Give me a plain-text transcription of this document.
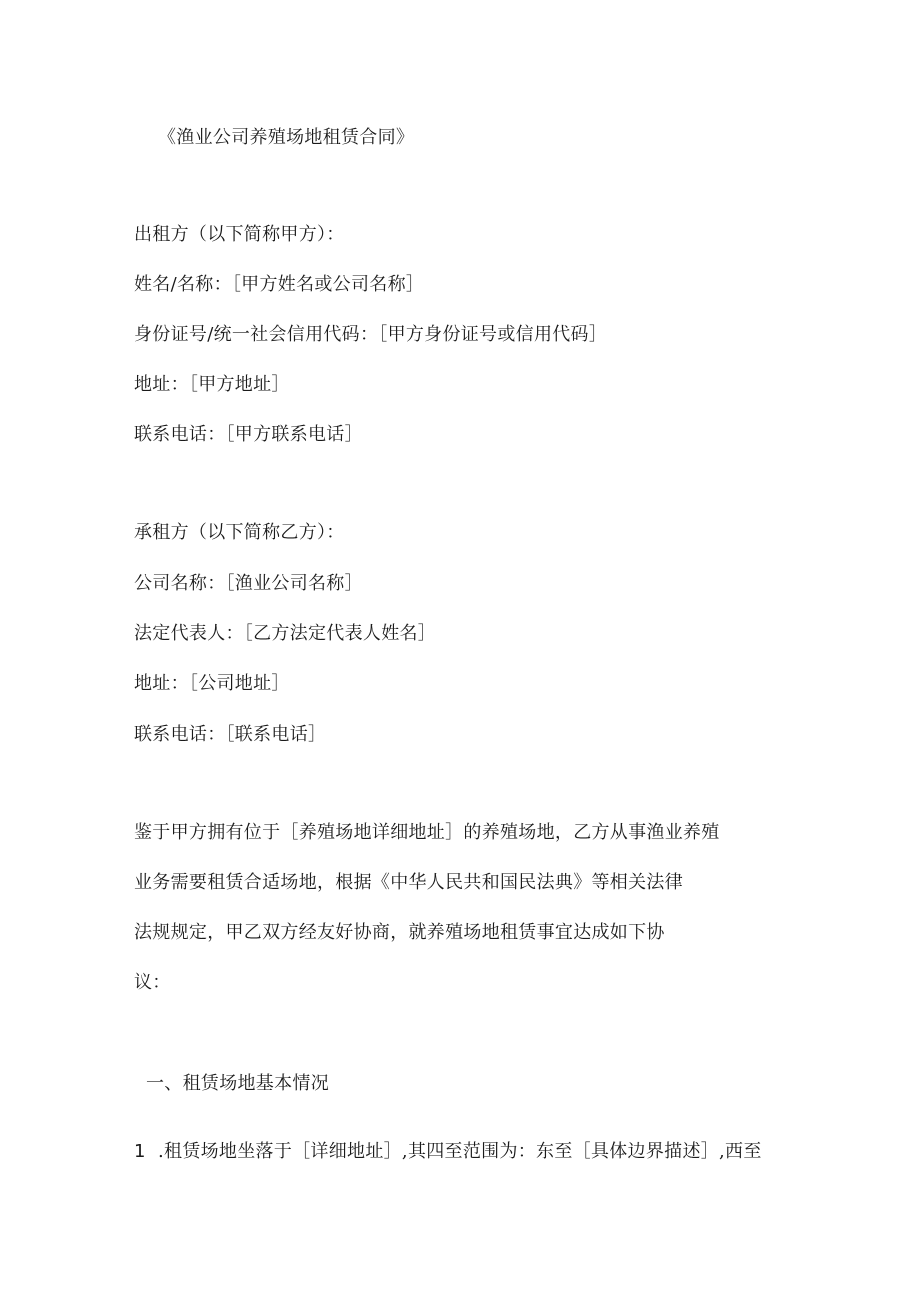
《渔业公司养殖场地租赁合同》
出租方（以下简称甲方）：
姓名/名称：［甲方姓名或公司名称］
身份证号/统一社会信用代码：［甲方身份证号或信用代码］
地址：［甲方地址］
联系电话：［甲方联系电话］
承租方（以下简称乙方）：
公司名称：［渔业公司名称］
法定代表人：［乙方法定代表人姓名］
地址：［公司地址］
联系电话：［联系电话］
鉴于甲方拥有位于［养殖场地详细地址］的养殖场地，乙方从事渔业养殖
业务需要租赁合适场地，根据《中华人民共和国民法典》等相关法律
法规规定，甲乙双方经友好协商，就养殖场地租赁事宜达成如下协
议：
一、租赁场地基本情况
1 .租赁场地坐落于［详细地址］,其四至范围为：东至［具体边界描述］,西至
